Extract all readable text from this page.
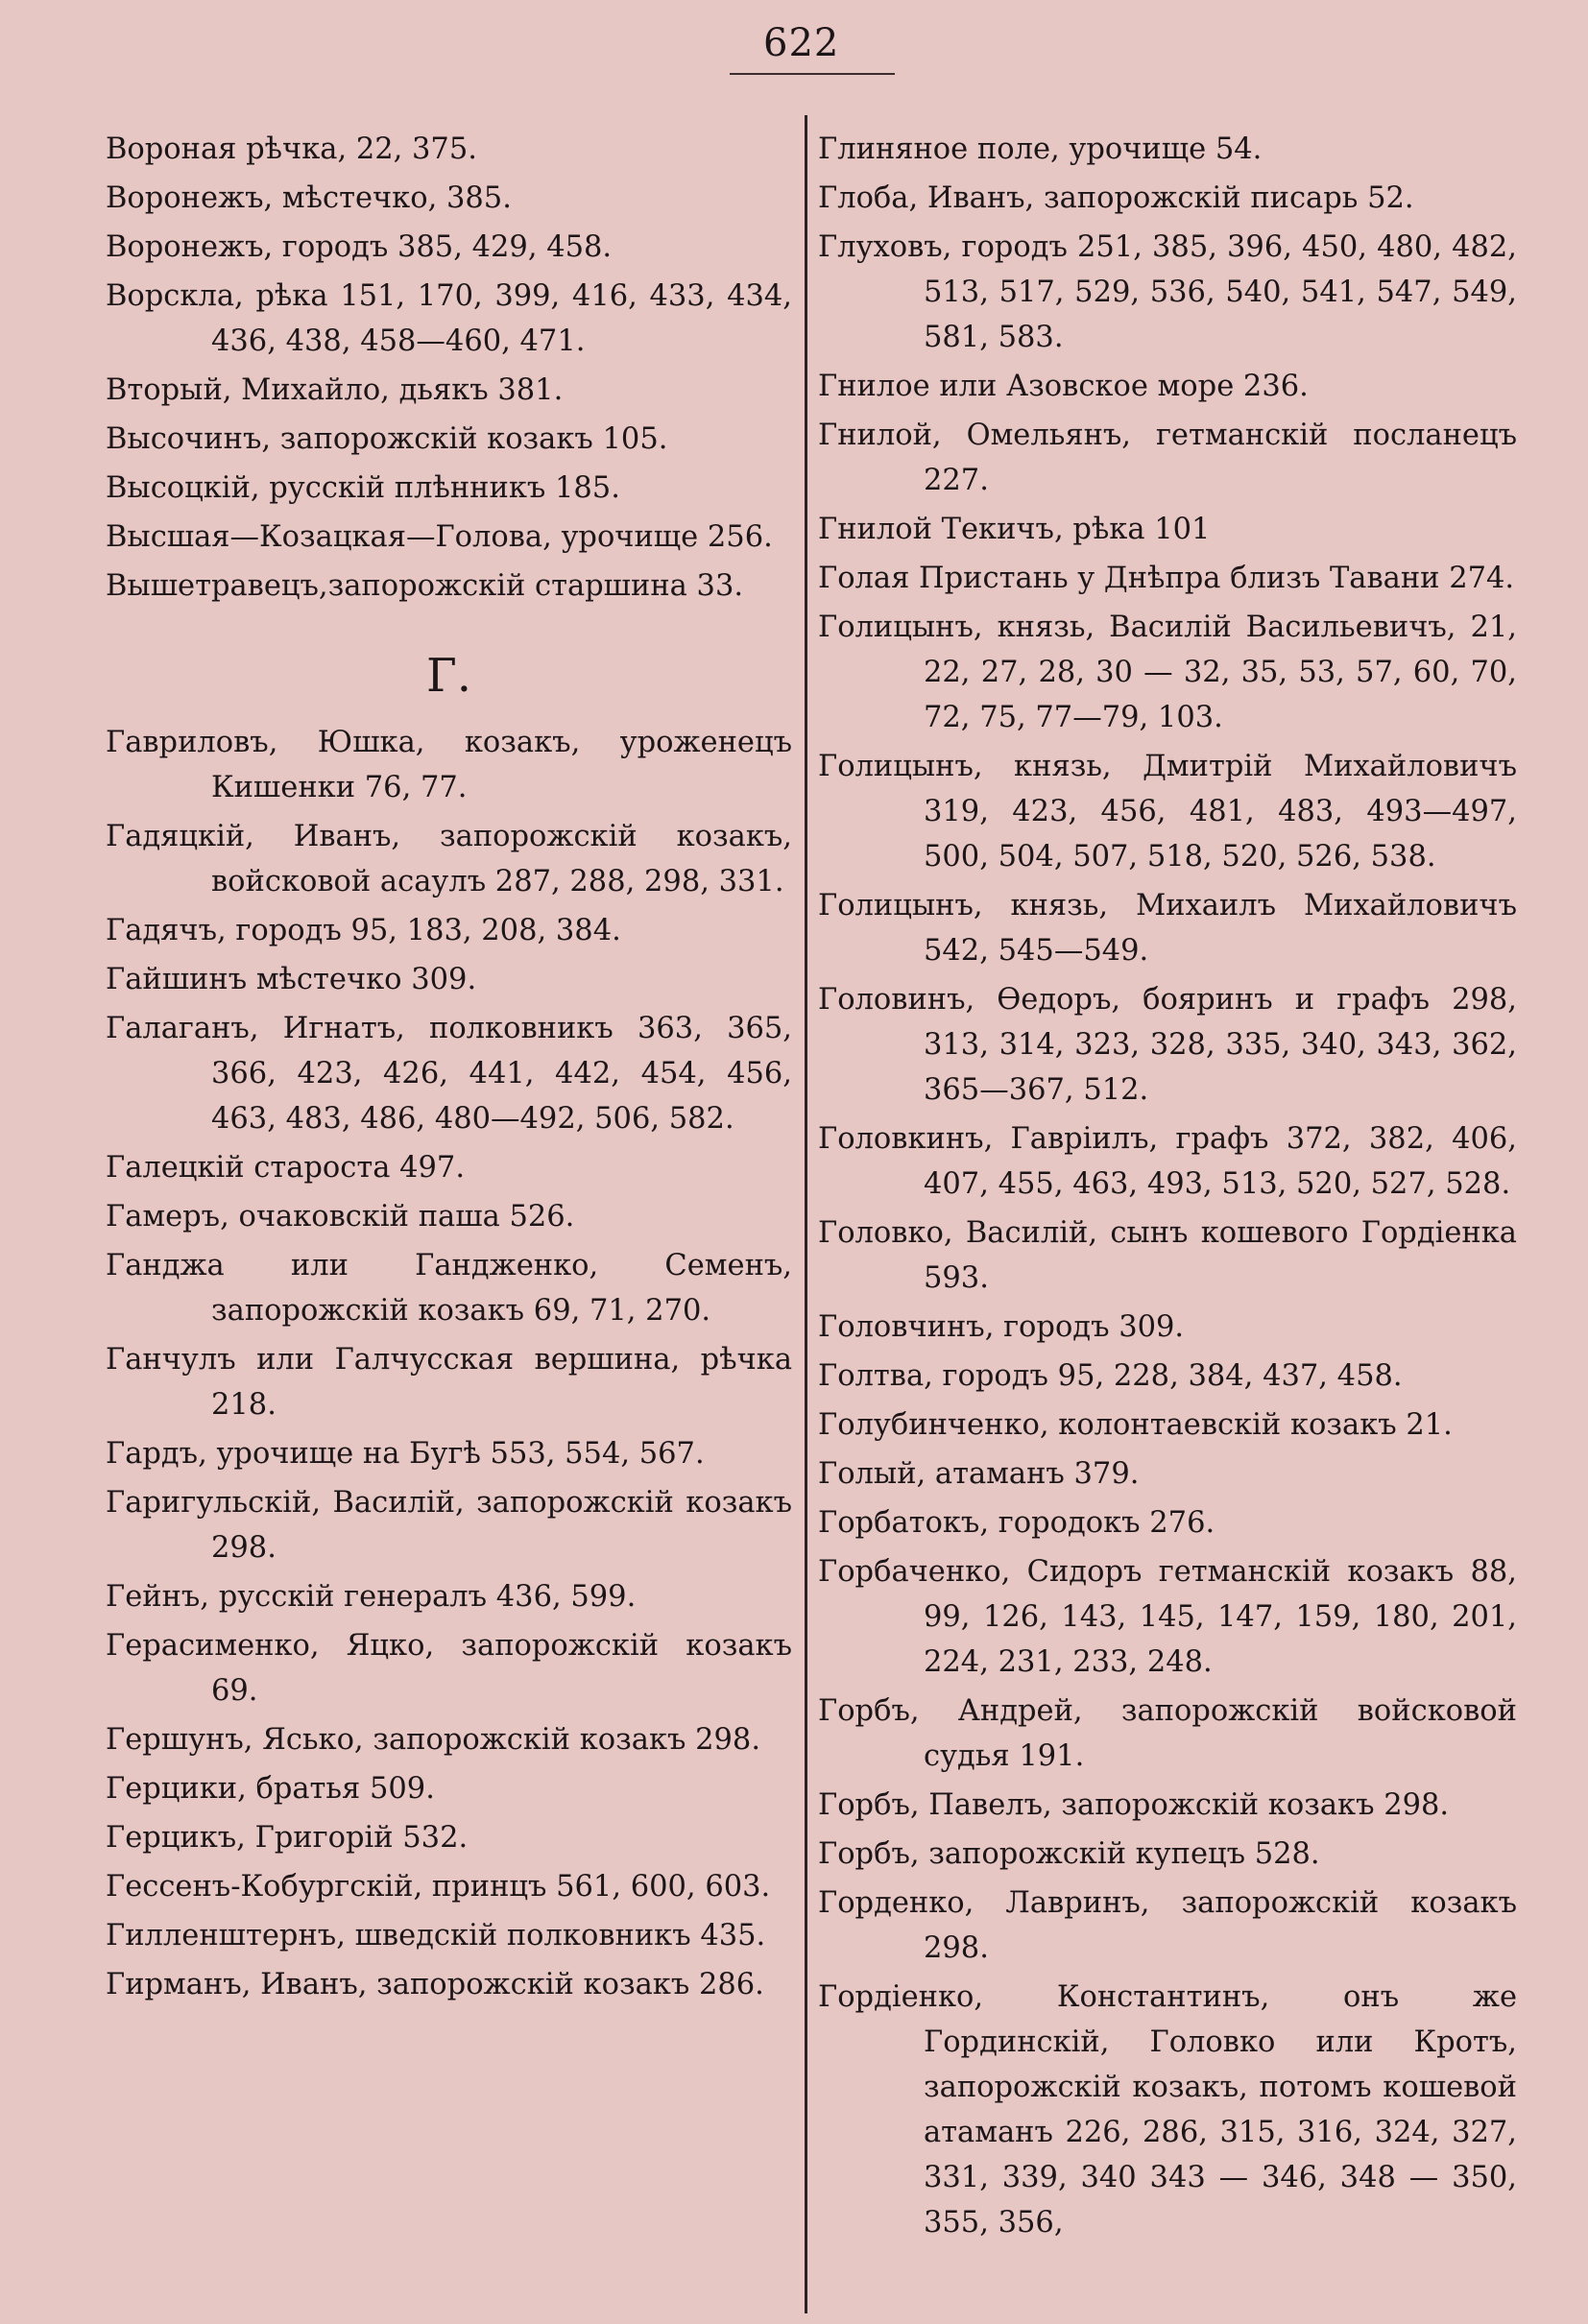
622

Воронaя рѣчка, 22, 375.

Воронежъ, мѣстечко, 385.

Воронежъ, городъ 385, 429, 458.

Ворскла, рѣка 151, 170, 399, 416, 433, 434, 436, 438, 458—460, 471.

Вторый, Михайло, дьякъ 381.

Высочинъ, запорожскій козакъ 105.

Высоцкій, русскій плѣнникъ 185.

Высшая—Козацкая—Голова, урочище 256.

Вышетравецъ,запорожскій старшина 33.

Г.

Гавриловъ, Юшка, козакъ, уроженецъ Кишенки 76, 77.

Гадяцкій, Иванъ, запорожскій козакъ, войсковой асаулъ 287, 288, 298, 331.

Гадячъ, городъ 95, 183, 208, 384.

Гайшинъ мѣстечко 309.

Галаганъ, Игнатъ, полковникъ 363, 365, 366, 423, 426, 441, 442, 454, 456, 463, 483, 486, 480—492, 506, 582.

Галецкій староста 497.

Гамеръ, очаковскій паша 526.

Ганджа или Гандженко, Семенъ, запорожскій козакъ 69, 71, 270.

Ганчулъ или Галчусская вершина, рѣчка 218.

Гардъ, урочище на Бугѣ 553, 554, 567.

Гаригульскій, Василій, запорожскій козакъ 298.

Гейнъ, русскій генералъ 436, 599.

Герасименко, Яцко, запорожскій козакъ 69.

Гершунъ, Ясько, запорожскій козакъ 298.

Герцики, братья 509.

Герцикъ, Григорій 532.

Гессенъ-Кобургскій, принцъ 561, 600, 603.

Гилленштернъ, шведскій полковникъ 435.

Гирманъ, Иванъ, запорожскій козакъ 286.

Глиняное поле, урочище 54.

Глоба, Иванъ, запорожскій писарь 52.

Глуховъ, городъ 251, 385, 396, 450, 480, 482, 513, 517, 529, 536, 540, 541, 547, 549, 581, 583.

Гнилое или Азовское море 236.

Гнилой, Омельянъ, гетманскій посланецъ 227.

Гнилой Текичъ, рѣка 101

Голая Пристань у Днѣпра близъ Тавани 274.

Голицынъ, князь, Василій Васильевичъ, 21, 22, 27, 28, 30 — 32, 35, 53, 57, 60, 70, 72, 75, 77—79, 103.

Голицынъ, князь, Дмитрій Михайловичъ 319, 423, 456, 481, 483, 493—497, 500, 504, 507, 518, 520, 526, 538.

Голицынъ, князь, Михаилъ Михайловичъ 542, 545—549.

Головинъ, Ѳедоръ, бояринъ и графъ 298, 313, 314, 323, 328, 335, 340, 343, 362, 365—367, 512.

Головкинъ, Гавріилъ, графъ 372, 382, 406, 407, 455, 463, 493, 513, 520, 527, 528.

Головко, Василій, сынъ кошевого Гордіенка 593.

Головчинъ, городъ 309.

Голтва, городъ 95, 228, 384, 437, 458.

Голубинченко, колонтаевскій козакъ 21.

Голый, атаманъ 379.

Горбатокъ, городокъ 276.

Горбаченко, Сидоръ гетманскій козакъ 88, 99, 126, 143, 145, 147, 159, 180, 201, 224, 231, 233, 248.

Горбъ, Андрей, запорожскій войсковой судья 191.

Горбъ, Павелъ, запорожскій козакъ 298.

Горбъ, запорожскій купецъ 528.

Горденко, Лавринъ, запорожскій козакъ 298.

Гордіенко, Константинъ, онъ же Гординскій, Головко или Кротъ, запорожскій козакъ, потомъ кошевой атаманъ 226, 286, 315, 316, 324, 327, 331, 339, 340 343 — 346, 348 — 350, 355, 356,
